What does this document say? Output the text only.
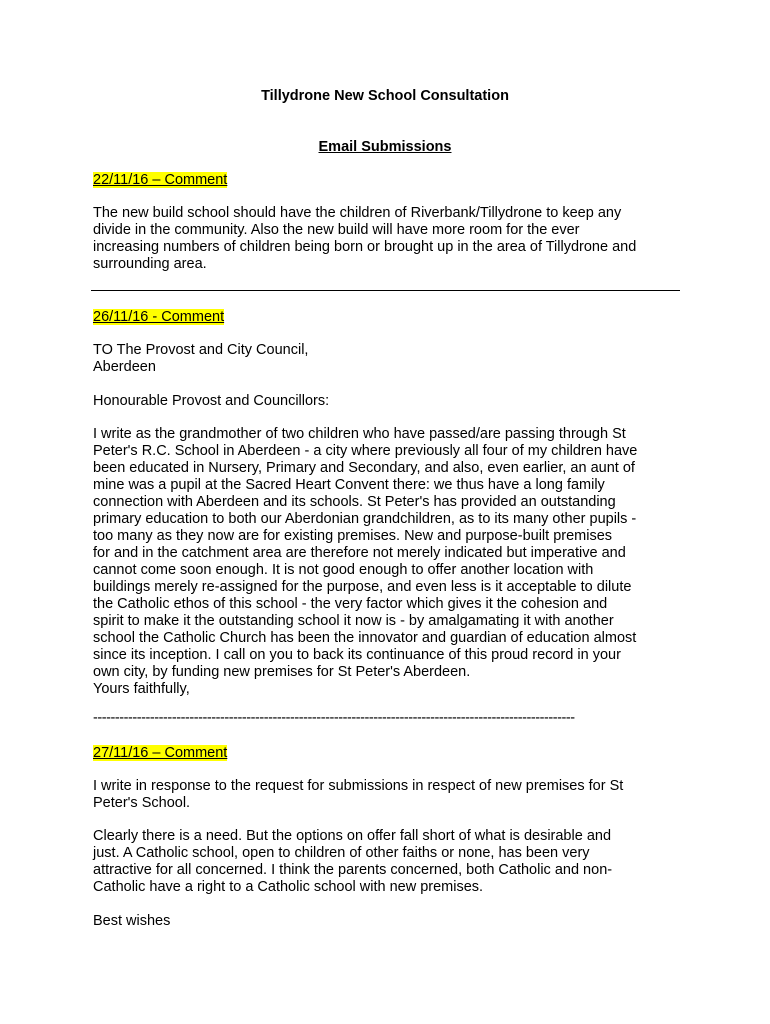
Tillydrone New School Consultation
Email Submissions
22/11/16 – Comment
The new build school should have the children of Riverbank/Tillydrone to keep any
divide in the community. Also the new build will have more room for the ever
increasing numbers of children being born or brought up in the area of Tillydrone and
surrounding area.
26/11/16 - Comment
TO The Provost and City Council,
Aberdeen
Honourable Provost and Councillors:
I write as the grandmother of two children who have passed/are passing through St
Peter's R.C. School in Aberdeen - a city where previously all four of my children have
been educated in Nursery, Primary and Secondary, and also, even earlier, an aunt of
mine was a pupil at the Sacred Heart Convent there: we thus have a long family
connection with Aberdeen and its schools. St Peter's has provided an outstanding
primary education to both our Aberdonian grandchildren, as to its many other pupils -
too many as they now are for existing premises. New and purpose-built premises
for and in the catchment area are therefore not merely indicated but imperative and
cannot come soon enough. It is not good enough to offer another location with
buildings merely re-assigned for the purpose, and even less is it acceptable to dilute
the Catholic ethos of this school - the very factor which gives it the cohesion and
spirit to make it the outstanding school it now is - by amalgamating it with another
school the Catholic Church has been the innovator and guardian of education almost
since its inception. I call on you to back its continuance of this proud record in your
own city, by funding new premises for St Peter's Aberdeen.
Yours faithfully,
--------------------------------------------------------------------------------------------------------------
27/11/16 – Comment
I write in response to the request for submissions in respect of new premises for St
Peter's School.
Clearly there is a need. But the options on offer fall short of what is desirable and
just. A Catholic school, open to children of other faiths or none, has been very
attractive for all concerned. I think the parents concerned, both Catholic and non-
Catholic have a right to a Catholic school with new premises.
Best wishes
